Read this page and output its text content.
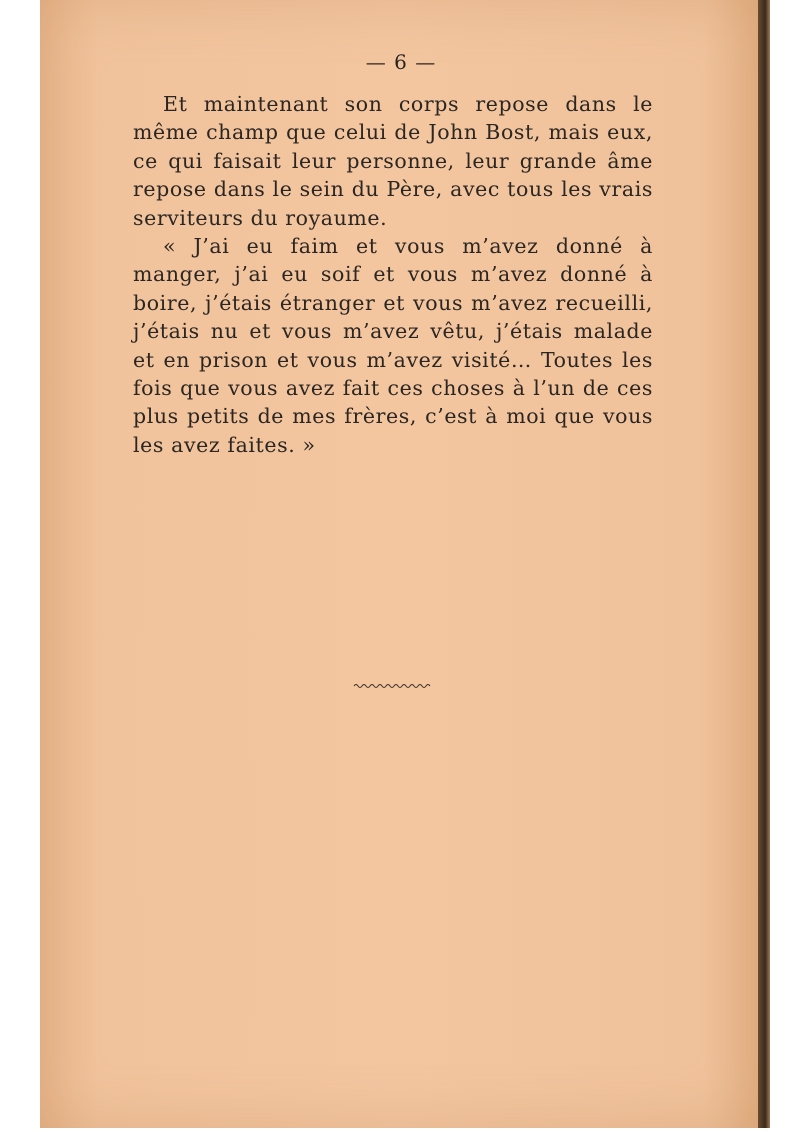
— 6 —

Et maintenant son corps repose dans le même champ que celui de John Bost, mais eux, ce qui faisait leur personne, leur grande âme repose dans le sein du Père, avec tous les vrais serviteurs du royaume.

« J’ai eu faim et vous m’avez donné à manger, j’ai eu soif et vous m’avez donné à boire, j’étais étranger et vous m’avez recueilli, j’étais nu et vous m’avez vêtu, j’étais malade et en prison et vous m’avez visité… Toutes les fois que vous avez fait ces choses à l’un de ces plus petits de mes frères, c’est à moi que vous les avez faites. »
